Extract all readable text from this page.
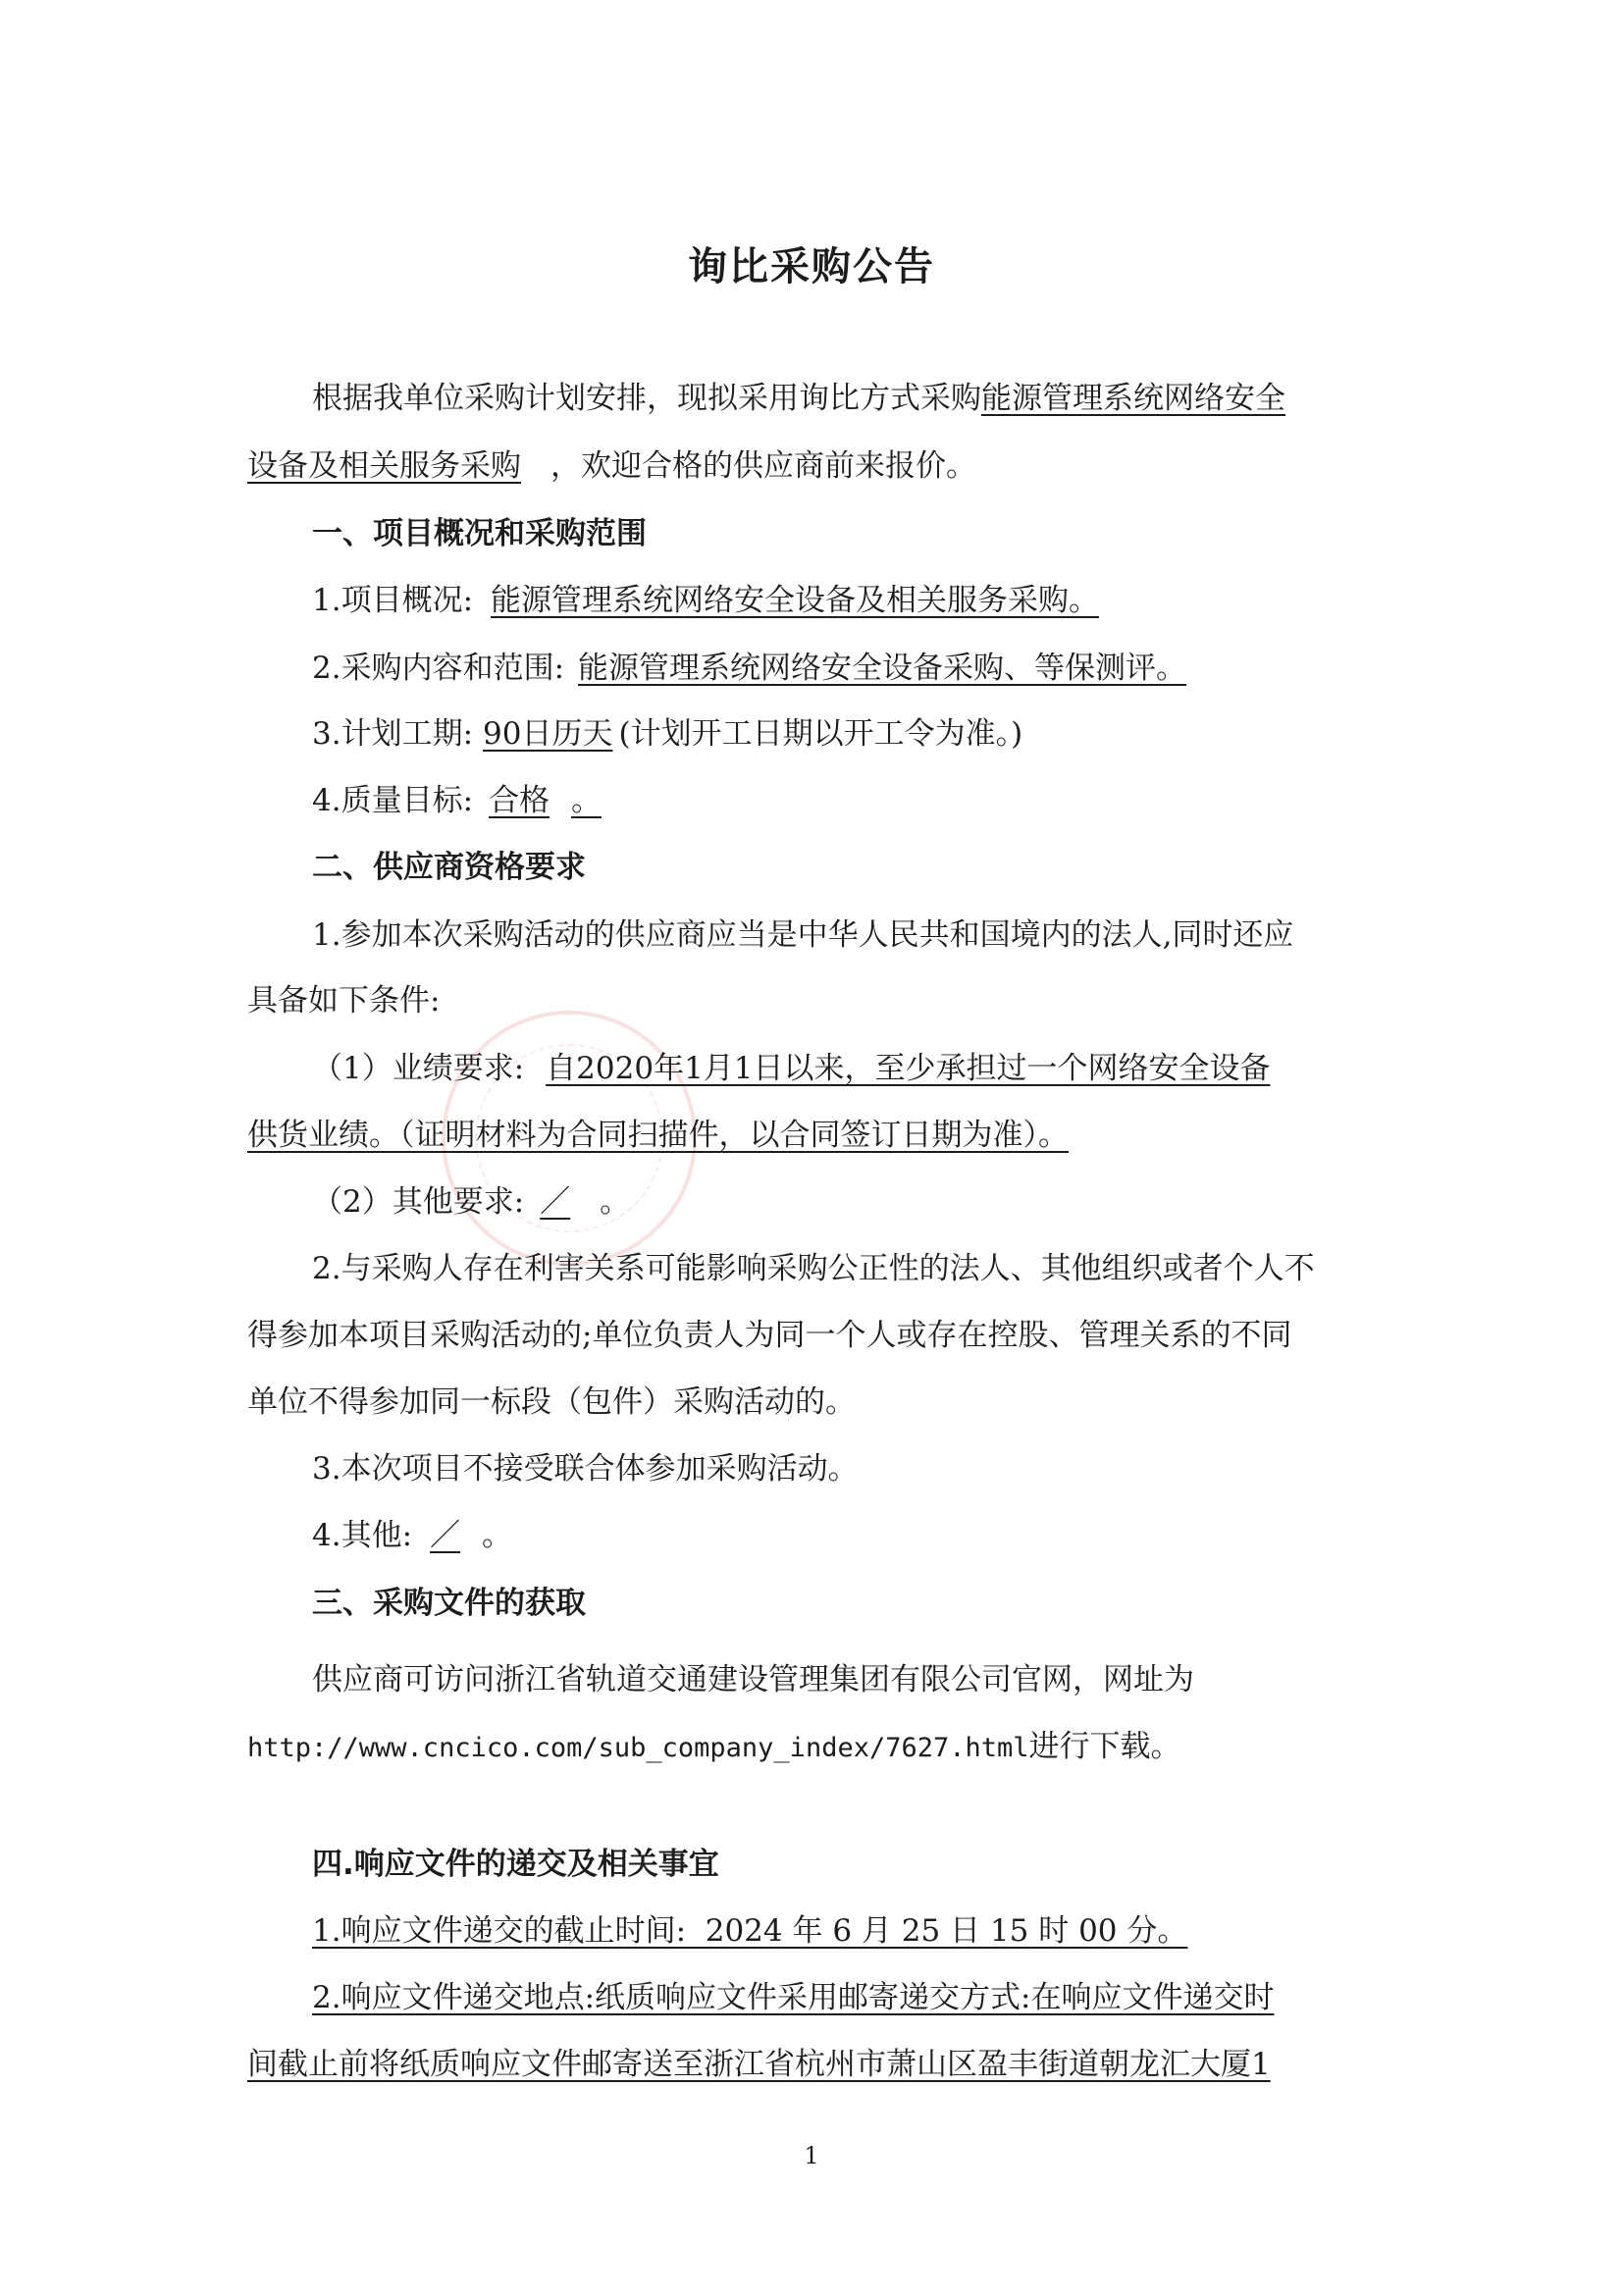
询比采购公告
根据我单位采购计划安排，现拟采用询比方式采购能源管理系统网络安全
设备及相关服务采购 ，欢迎合格的供应商前来报价。
一、项目概况和采购范围
1.项目概况: 能源管理系统网络安全设备及相关服务采购。
2.采购内容和范围: 能源管理系统网络安全设备采购、等保测评。
3.计划工期: 90日历天 (计划开工日期以开工令为准。)
4.质量目标: 合格 。
二、供应商资格要求
1.参加本次采购活动的供应商应当是中华人民共和国境内的法人,同时还应
具备如下条件:
（1）业绩要求: 自2020年1月1日以来，至少承担过一个网络安全设备
供货业绩。（证明材料为合同扫描件，以合同签订日期为准）。
（2）其他要求: ／ 。
2.与采购人存在利害关系可能影响采购公正性的法人、其他组织或者个人不
得参加本项目采购活动的;单位负责人为同一个人或存在控股、管理关系的不同
单位不得参加同一标段（包件）采购活动的。
3.本次项目不接受联合体参加采购活动。
4.其他: ／ 。
三、采购文件的获取
供应商可访问浙江省轨道交通建设管理集团有限公司官网，网址为
http://www.cncico.com/sub_company_index/7627.html进行下载。
四.响应文件的递交及相关事宜
1.响应文件递交的截止时间:  2024 年 6 月 25 日 15 时 00 分。
2.响应文件递交地点:纸质响应文件采用邮寄递交方式:在响应文件递交时
间截止前将纸质响应文件邮寄送至浙江省杭州市萧山区盈丰街道朝龙汇大厦1
1
